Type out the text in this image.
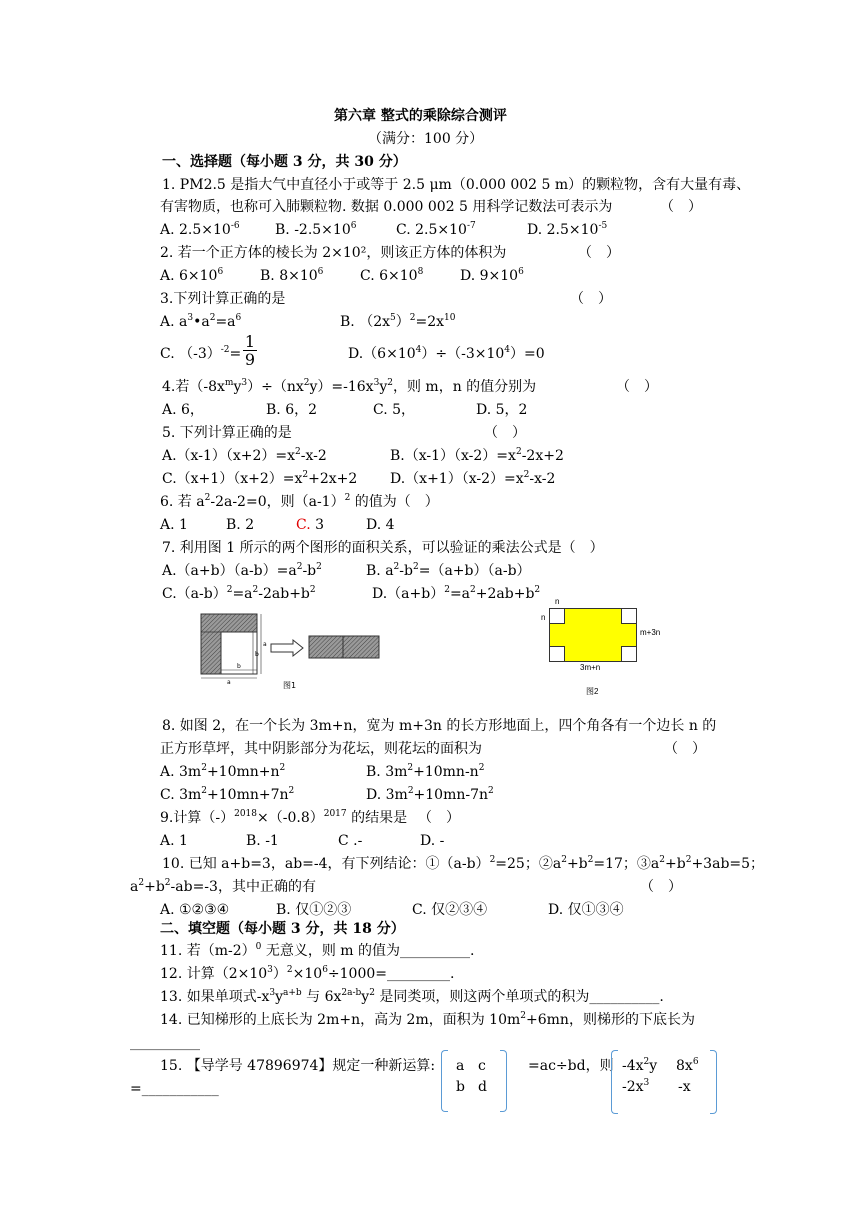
第六章 整式的乘除综合测评
（满分：100 分）
一、选择题（每小题 3 分，共 30 分）
1. PM2.5 是指大气中直径小于或等于 2.5 μm（0.000 002 5 m）的颗粒物，含有大量有毒、
有害物质，也称可入肺颗粒物. 数据 0.000 002 5 用科学记数法可表示为	（　）
A. $2.5\times 10^{-6}$	B. $-2.5\times 10^6$	C. $2.5\times 10^{-7}$	D. $2.5\times 10^{-5}$
2. 若一个正方体的棱长为 2×10²，则该正方体的体积为	（　）
A. $6\times 10^6$	B. $8\times 10^6$	C. $6\times 10^8$	D. $9\times 10^6$
3.下列计算正确的是	（　）
A. $a^3•a^2=a^6$	B. $(2x^5)^2=2x^{10}$
C. $(-3)^{-2}= \frac{1}{9}$	$D.(6\times 10^4)\div(-3\times 10^4)=0$
4.若$(-8x^my^3)\div(nx^2y)=-16x^3y^2$，则 m，n 的值分别为	（　）
A. 6，	B. 6，2	C. 5，	D. 5，2
5. 下列计算正确的是	（　）
$A.(x-1)(x+2)=x^2-x-2$	$B.(x-1)(x-2)=x^2-2x+2$
$C.(x+1)(x+2)=x^2+2x+2$ $D.(x+1)(x-2)=x^2-x-2$
6. 若 $a^2-2a-2=0$，则$(a-1)^2$ 的值为（　）
A. 1	B. 2	C. 3	D. 4
7. 利用图 1 所示的两个图形的面积关系，可以验证的乘法公式是（　）
$A.(a+b)(a-b)=a^2-b^2$	B. $a^2-b^2=(a+b)(a-b)$
$C.(a-b)^2=a^2-2ab+b^2$	$D.(a+b)^2=a^2+2ab+b^2$
a
b
b
a	图1
n
n
m+3n
3m+n
图2
8. 如图 2，在一个长为 3m+n，宽为 m+3n 的长方形地面上，四个角各有一个边长 n 的
正方形草坪，其中阴影部分为花坛，则花坛的面积为	（　）
A. $3m^2+10mn+n^2$	B. $3m^2+10mn-n^2$
C. $3m^2+10mn+7n^2$	D. $3m^2+10mn-7n^2$
9.计算$(-)^{2018}\times(-0.8)^{2017}$ 的结果是 （　）
A. 1	B. -1	C .-	D. -
10. 已知 a+b=3，ab=-4，有下列结论：$①(a-b)^2=25$；$②a^2+b^2=17$；$③a^2+b^2+3ab=5$；
$a^2+b^2-ab=-3$，其中正确的有	（　）
A. ①②③④	B. 仅①②③	C. 仅②③④	D. 仅①③④
二、填空题（每小题 3 分，共 18 分）
11. 若$(m-2)^0$ 无意义，则 m 的值为__________.
12. 计算$(2\times 10^3)^2\times 10^6\div 1000=\_\_\_\_\_\_\_\_\_$.
13. 如果单项式$-x^3y^{a+b}$ 与 $6x^{2a-b}y^2$ 是同类项，则这两个单项式的积为__________.
14. 已知梯形的上底长为 2m+n，高为 2m，面积为 $10m^2+6mn$，则梯形的下底长为
__________
15. 【导学号 47896974】规定一种新运算: a c
b d
=ac÷bd，则 $-4x^2y$ $8x^6$
$-2x^3$ -x
=___________
